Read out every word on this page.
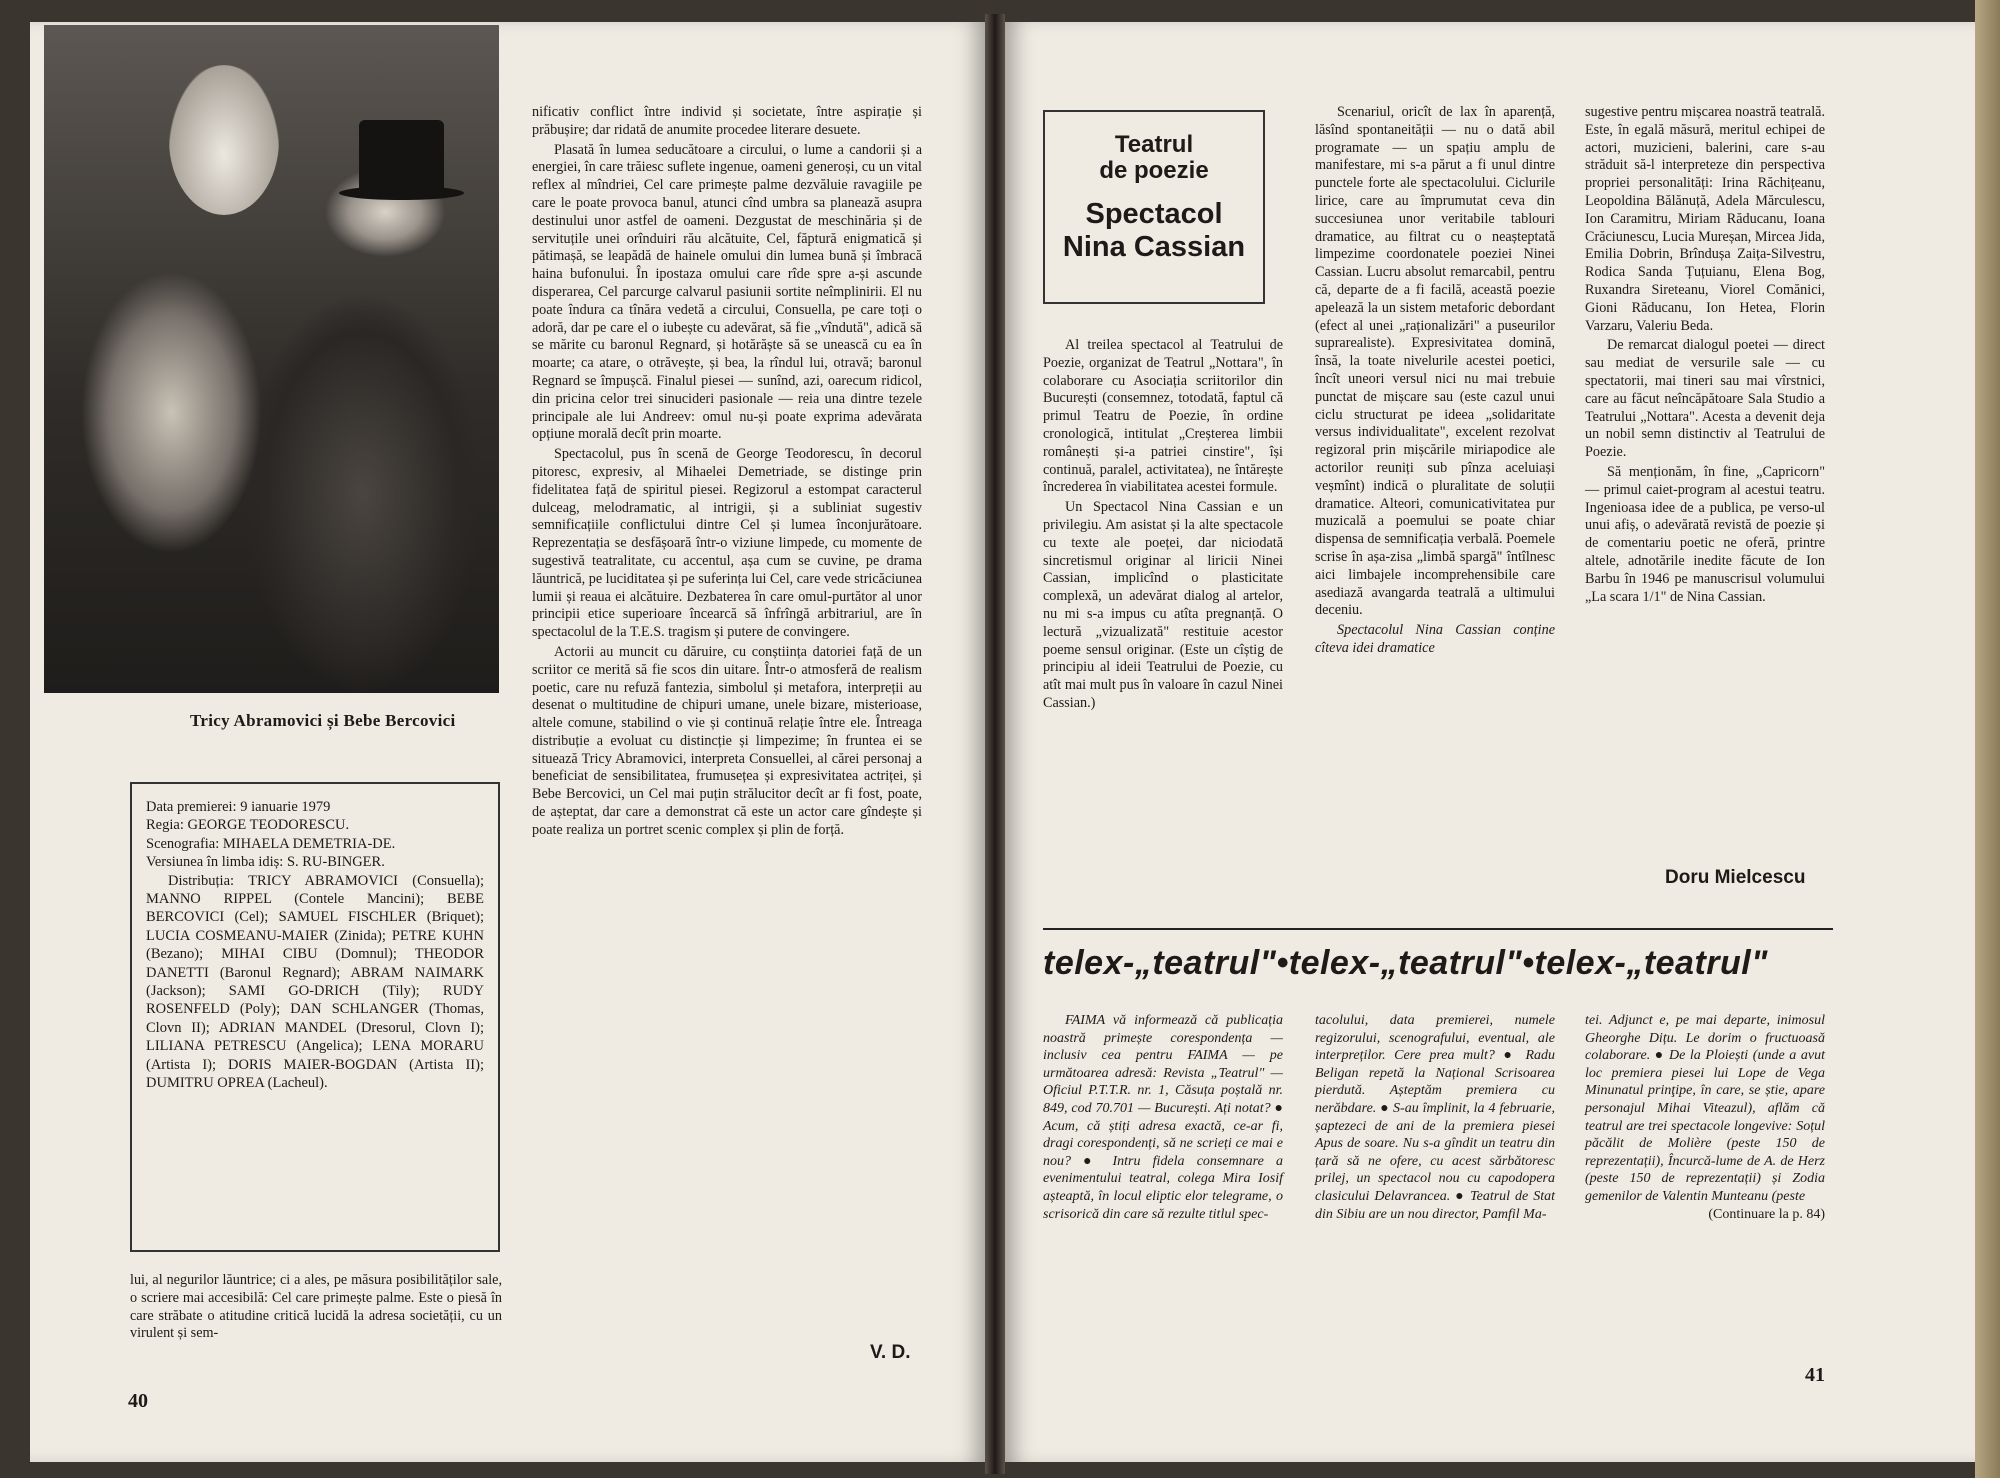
Tricy Abramovici și Bebe Bercovici
Data premierei: 9 ianuarie 1979
Regia: GEORGE TEODORESCU.
Scenografia: MIHAELA DEMETRIA-DE.
Versiunea în limba idiș: S. RU-BINGER.
Distribuția: TRICY ABRAMOVICI (Consuella); MANNO RIPPEL (Contele Mancini); BEBE BERCOVICI (Cel); SAMUEL FISCHLER (Briquet); LUCIA COSMEANU-MAIER (Zinida); PETRE KUHN (Bezano); MIHAI CIBU (Domnul); THEODOR DANETTI (Baronul Regnard); ABRAM NAIMARK (Jackson); SAMI GO-DRICH (Tily); RUDY ROSENFELD (Poly); DAN SCHLANGER (Thomas, Clovn II); ADRIAN MANDEL (Dresorul, Clovn I); LILIANA PETRESCU (Angelica); LENA MORARU (Artista I); DORIS MAIER-BOGDAN (Artista II); DUMITRU OPREA (Lacheul).

lui, al negurilor lăuntrice; ci a ales, pe măsura posibilităților sale, o scriere mai accesibilă: Cel care primește palme. Este o piesă în care străbate o atitudine critică lucidă la adresa societății, cu un virulent și sem-

nificativ conflict între individ și societate, între aspirație și prăbușire; dar ridată de anumite procedee literare desuete.

Plasată în lumea seducătoare a circului, o lume a candorii și a energiei, în care trăiesc suflete ingenue, oameni generoși, cu un vital reflex al mîndriei, Cel care primește palme dezvăluie ravagiile pe care le poate provoca banul, atunci cînd umbra sa planează asupra destinului unor astfel de oameni. Dezgustat de meschinăria și de servituțile unei orînduiri rău alcătuite, Cel, făptură enigmatică și pătimașă, se leapădă de hainele omului din lumea bună și îmbracă haina bufonului. În ipostaza omului care rîde spre a-și ascunde disperarea, Cel parcurge calvarul pasiunii sortite neîmplinirii. El nu poate îndura ca tînăra vedetă a circului, Consuella, pe care toți o adoră, dar pe care el o iubește cu adevărat, să fie „vîndută", adică să se mărite cu baronul Regnard, și hotărăște să se unească cu ea în moarte; ca atare, o otrăvește, și bea, la rîndul lui, otravă; baronul Regnard se împușcă. Finalul piesei — sunînd, azi, oarecum ridicol, din pricina celor trei sinucideri pasionale — reia una dintre tezele principale ale lui Andreev: omul nu-și poate exprima adevărata opțiune morală decît prin moarte.

Spectacolul, pus în scenă de George Teodorescu, în decorul pitoresc, expresiv, al Mihaelei Demetriade, se distinge prin fidelitatea față de spiritul piesei. Regizorul a estompat caracterul dulceag, melodramatic, al intrigii, și a subliniat sugestiv semnificațiile conflictului dintre Cel și lumea înconjurătoare. Reprezentația se desfășoară într-o viziune limpede, cu momente de sugestivă teatralitate, cu accentul, așa cum se cuvine, pe drama lăuntrică, pe luciditatea și pe suferința lui Cel, care vede stricăciunea lumii și reaua ei alcătuire. Dezbaterea în care omul-purtător al unor principii etice superioare încearcă să înfrîngă arbitrariul, are în spectacolul de la T.E.S. tragism și putere de convingere.

Actorii au muncit cu dăruire, cu conștiința datoriei față de un scriitor ce merită să fie scos din uitare. Într-o atmosferă de realism poetic, care nu refuză fantezia, simbolul și metafora, interpreții au desenat o multitudine de chipuri umane, unele bizare, misterioase, altele comune, stabilind o vie și continuă relație între ele. Întreaga distribuție a evoluat cu distincție și limpezime; în fruntea ei se situează Tricy Abramovici, interpreta Consuellei, al cărei personaj a beneficiat de sensibilitatea, frumusețea și expresivitatea actriței, și Bebe Bercovici, un Cel mai puțin strălucitor decît ar fi fost, poate, de așteptat, dar care a demonstrat că este un actor care gîndește și poate realiza un portret scenic complex și plin de forță.

V. D.
40
Teatrul
de poezie
Spectacol
Nina Cassian

Al treilea spectacol al Teatrului de Poezie, organizat de Teatrul „Nottara", în colaborare cu Asociația scriitorilor din București (consemnez, totodată, faptul că primul Teatru de Poezie, în ordine cronologică, intitulat „Creșterea limbii românești și-a patriei cinstire", își continuă, paralel, activitatea), ne întărește încrederea în viabilitatea acestei formule.

Un Spectacol Nina Cassian e un privilegiu. Am asistat și la alte spectacole cu texte ale poeței, dar niciodată sincretismul originar al liricii Ninei Cassian, implicînd o plasticitate complexă, un adevărat dialog al artelor, nu mi s-a impus cu atîta pregnanță. O lectură „vizualizată" restituie acestor poeme sensul originar. (Este un cîștig de principiu al ideii Teatrului de Poezie, cu atît mai mult pus în valoare în cazul Ninei Cassian.)

Scenariul, oricît de lax în aparență, lăsînd spontaneității — nu o dată abil programate — un spațiu amplu de manifestare, mi s-a părut a fi unul dintre punctele forte ale spectacolului. Ciclurile lirice, care au împrumutat ceva din succesiunea unor veritabile tablouri dramatice, au filtrat cu o neașteptată limpezime coordonatele poeziei Ninei Cassian. Lucru absolut remarcabil, pentru că, departe de a fi facilă, această poezie apelează la un sistem metaforic debordant (efect al unei „raționalizări" a puseurilor suprarealiste). Expresivitatea domină, însă, la toate nivelurile acestei poetici, încît uneori versul nici nu mai trebuie punctat de mișcare sau (este cazul unui ciclu structurat pe ideea „solidaritate versus individualitate", excelent rezolvat regizoral prin mișcările miriapodice ale actorilor reuniți sub pînza aceluiași veșmînt) indică o pluralitate de soluții dramatice. Alteori, comunicativitatea pur muzicală a poemului se poate chiar dispensa de semnificația verbală. Poemele scrise în așa-zisa „limbă spargă" întîlnesc aici limbajele incomprehensibile care asediază avangarda teatrală a ultimului deceniu.

Spectacolul Nina Cassian conține cîteva idei dramatice

sugestive pentru mișcarea noastră teatrală. Este, în egală măsură, meritul echipei de actori, muzicieni, balerini, care s-au străduit să-l interpreteze din perspectiva propriei personalități: Irina Răchițeanu, Leopoldina Bălănuță, Adela Mărculescu, Ion Caramitru, Miriam Răducanu, Ioana Crăciunescu, Lucia Mureșan, Mircea Jida, Emilia Dobrin, Brîndușa Zaița-Silvestru, Rodica Sanda Țuțuianu, Elena Bog, Ruxandra Sireteanu, Viorel Comănici, Gioni Răducanu, Ion Hetea, Florin Varzaru, Valeriu Beda.

De remarcat dialogul poetei — direct sau mediat de versurile sale — cu spectatorii, mai tineri sau mai vîrstnici, care au făcut neîncăpătoare Sala Studio a Teatrului „Nottara". Acesta a devenit deja un nobil semn distinctiv al Teatrului de Poezie.

Să menționăm, în fine, „Capricorn" — primul caiet-program al acestui teatru. Ingenioasa idee de a publica, pe verso-ul unui afiș, o adevărată revistă de poezie și de comentariu poetic ne oferă, printre altele, adnotările inedite făcute de Ion Barbu în 1946 pe manuscrisul volumului „La scara 1/1" de Nina Cassian.

Doru Mielcescu
telex-„teatrul"•telex-„teatrul"•telex-„teatrul"

FAIMA vă informează că publicația noastră primește corespondența — inclusiv cea pentru FAIMA — pe următoarea adresă: Revista „Teatrul" — Oficiul P.T.T.R. nr. 1, Căsuța poștală nr. 849, cod 70.701 — București. Ați notat? ● Acum, că știți adresa exactă, ce-ar fi, dragi corespondenți, să ne scrieți ce mai e nou? ● Intru fidela consemnare a evenimentului teatral, colega Mira Iosif așteaptă, în locul eliptic elor telegrame, o scrisorică din care să rezulte titlul spec-

tacolului, data premierei, numele regizorului, scenografului, eventual, ale interpreților. Cere prea mult? ● Radu Beligan repetă la Național Scrisoarea pierdută. Așteptăm premiera cu nerăbdare. ● S-au împlinit, la 4 februarie, șaptezeci de ani de la premiera piesei Apus de soare. Nu s-a gîndit un teatru din țară să ne ofere, cu acest sărbătoresc prilej, un spectacol nou cu capodopera clasicului Delavrancea. ● Teatrul de Stat din Sibiu are un nou director, Pamfil Ma-

tei. Adjunct e, pe mai departe, inimosul Gheorghe Dițu. Le dorim o fructuoasă colaborare. ● De la Ploiești (unde a avut loc premiera piesei lui Lope de Vega Minunatul prinţipe, în care, se știe, apare personajul Mihai Viteazul), aflăm că teatrul are trei spectacole longevive: Soțul păcălit de Molière (peste 150 de reprezentații), Încurcă-lume de A. de Herz (peste 150 de reprezentații) și Zodia gemenilor de Valentin Munteanu (peste

(Continuare la p. 84)

41
